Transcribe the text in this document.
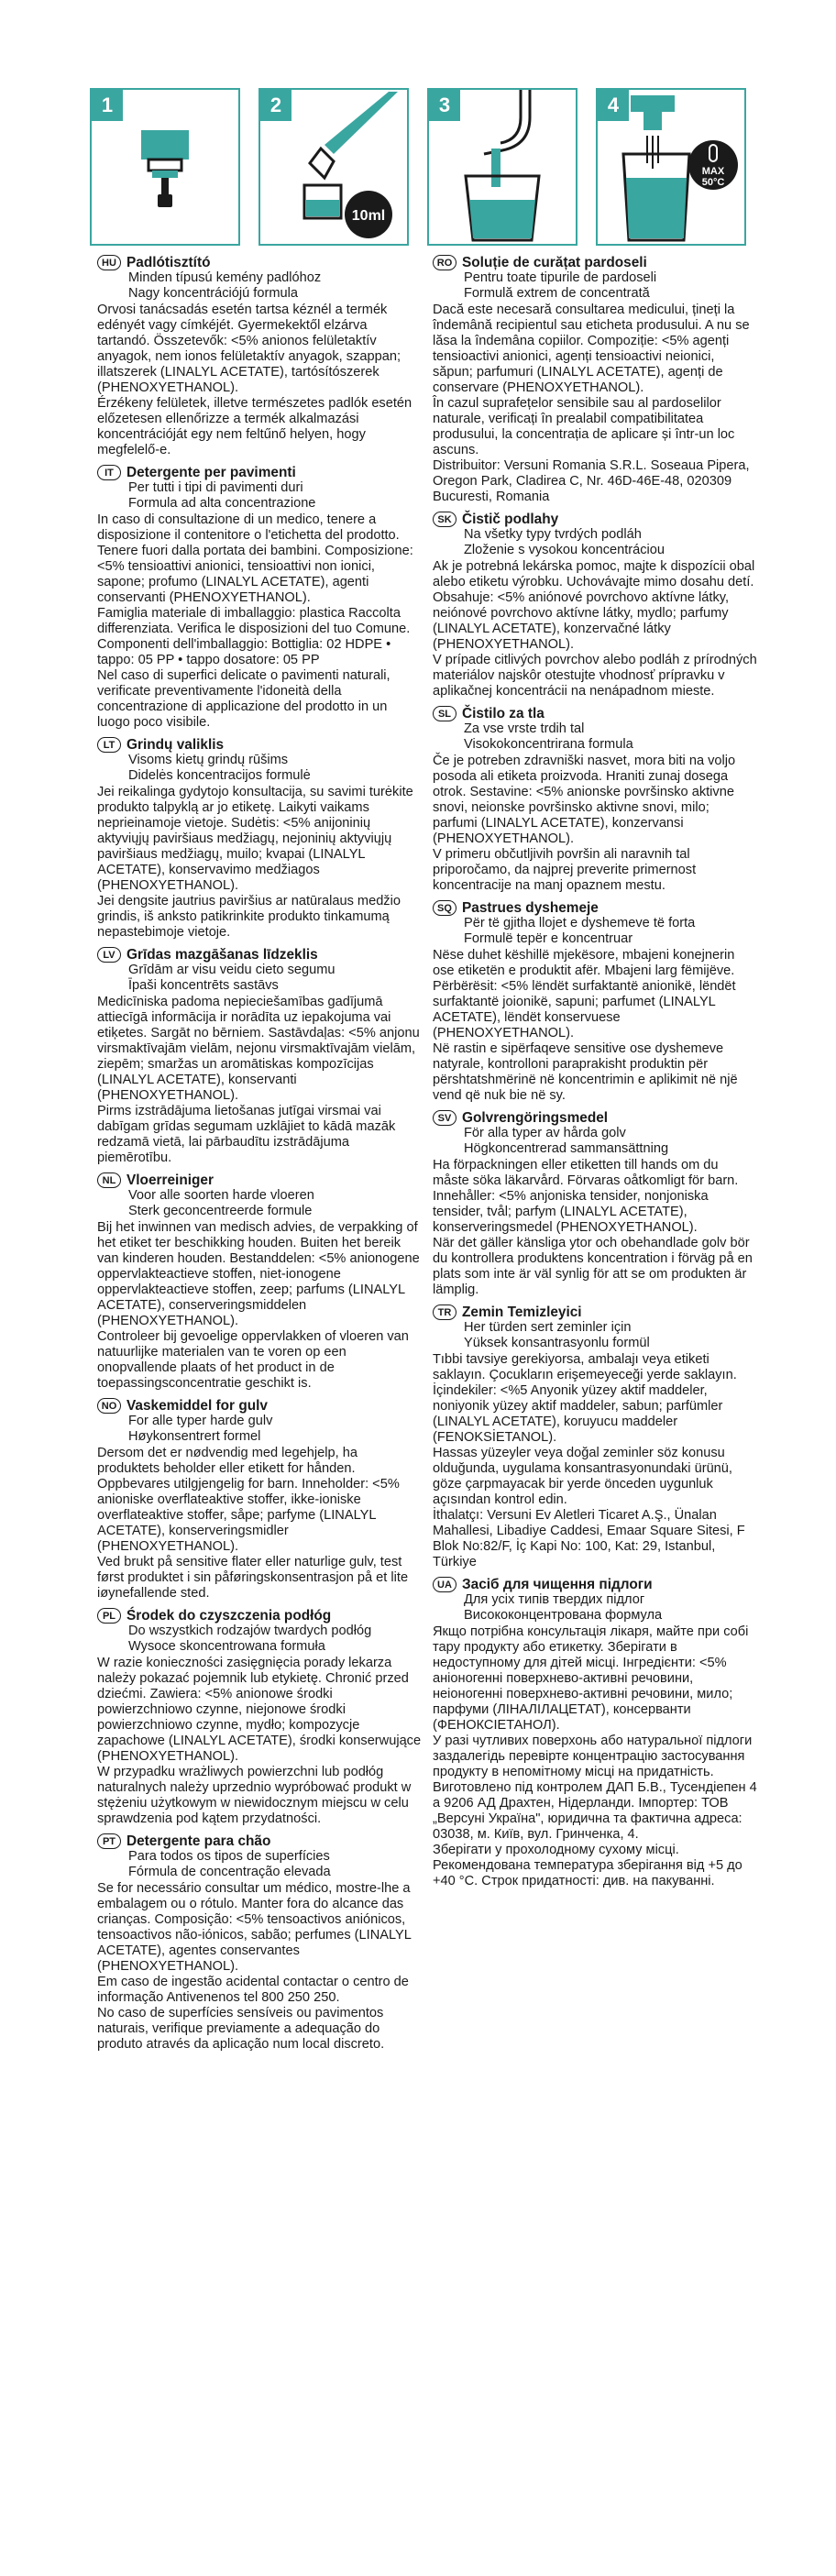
1	2
10ml
3	4
MAX
50°C
HU Padlótisztító
Minden típusú kemény padlóhoz
Nagy koncentrációjú formula
Orvosi tanácsadás esetén tartsa kéznél a termék edényét vagy címkéjét. Gyermekektől elzárva tartandó. Összetevők: <5% anionos felületaktív anyagok, nem ionos felületaktív anyagok, szappan; illatszerek (LINALYL ACETATE), tartósítószerek (PHENOXYETHANOL).
Érzékeny felületek, illetve természetes padlók esetén előzetesen ellenőrizze a termék alkalmazási koncentrációját egy nem feltűnő helyen, hogy megfelelő-e.
IT Detergente per pavimenti
Per tutti i tipi di pavimenti duri
Formula ad alta concentrazione
In caso di consultazione di un medico, tenere a disposizione il contenitore o l'etichetta del prodotto. Tenere fuori dalla portata dei bambini. Composizione: <5% tensioattivi anionici, tensioattivi non ionici, sapone; profumo (LINALYL ACETATE), agenti conservanti (PHENOXYETHANOL).
Famiglia materiale di imballaggio: plastica Raccolta differenziata. Verifica le disposizioni del tuo Comune.
Componenti dell'imballaggio: Bottiglia: 02 HDPE • tappo: 05 PP • tappo dosatore: 05 PP
Nel caso di superfici delicate o pavimenti naturali, verificate preventivamente l'idoneità della concentrazione di applicazione del prodotto in un luogo poco visibile.
LT Grindų valiklis
Visoms kietų grindų rūšims
Didelės koncentracijos formulė
Jei reikalinga gydytojo konsultacija, su savimi turėkite produkto talpyklą ar jo etiketę. Laikyti vaikams neprieinamoje vietoje. Sudėtis: <5% anijoninių aktyviųjų paviršiaus medžiagų, nejoninių aktyviųjų paviršiaus medžiagų, muilo; kvapai (LINALYL ACETATE), konservavimo medžiagos (PHENOXYETHANOL).
Jei dengsite jautrius paviršius ar natūralaus medžio grindis, iš anksto patikrinkite produkto tinkamumą nepastebimoje vietoje.
LV Grīdas mazgāšanas līdzeklis
Grīdām ar visu veidu cieto segumu
Īpaši koncentrēts sastāvs
Medicīniska padoma nepieciešamības gadījumā attiecīgā informācija ir norādīta uz iepakojuma vai etiķetes. Sargāt no bērniem. Sastāvdaļas: <5% anjonu virsmaktīvajām vielām, nejonu virsmaktīvajām vielām, ziepēm; smaržas un aromātiskas kompozīcijas (LINALYL ACETATE), konservanti (PHENOXYETHANOL).
Pirms izstrādājuma lietošanas jutīgai virsmai vai dabīgam grīdas segumam uzklājiet to kādā mazāk redzamā vietā, lai pārbaudītu izstrādājuma piemērotību.
NL Vloerreiniger
Voor alle soorten harde vloeren
Sterk geconcentreerde formule
Bij het inwinnen van medisch advies, de verpakking of het etiket ter beschikking houden. Buiten het bereik van kinderen houden. Bestanddelen: <5% anionogene oppervlakteactieve stoffen, niet-ionogene oppervlakteactieve stoffen, zeep; parfums (LINALYL ACETATE), conserveringsmiddelen (PHENOXYETHANOL).
Controleer bij gevoelige oppervlakken of vloeren van natuurlijke materialen van te voren op een onopvallende plaats of het product in de toepassingsconcentratie geschikt is.
NO Vaskemiddel for gulv
For alle typer harde gulv
Høykonsentrert formel
Dersom det er nødvendig med legehjelp, ha produktets beholder eller etikett for hånden. Oppbevares utilgjengelig for barn. Inneholder: <5% anioniske overflateaktive stoffer, ikke-ioniske overflateaktive stoffer, såpe; parfyme (LINALYL ACETATE), konserveringsmidler (PHENOXYETHANOL).
Ved brukt på sensitive flater eller naturlige gulv, test først produktet i sin påføringskonsentrasjon på et lite iøynefallende sted.
PL Środek do czyszczenia podłóg
Do wszystkich rodzajów twardych podłóg
Wysoce skoncentrowana formuła
W razie konieczności zasięgnięcia porady lekarza należy pokazać pojemnik lub etykietę. Chronić przed dziećmi. Zawiera: <5% anionowe środki powierzchniowo czynne, niejonowe środki powierzchniowo czynne, mydło; kompozycje zapachowe (LINALYL ACETATE), środki konserwujące (PHENOXYETHANOL).
W przypadku wrażliwych powierzchni lub podłóg naturalnych należy uprzednio wypróbować produkt w stężeniu użytkowym w niewidocznym miejscu w celu sprawdzenia pod kątem przydatności.
PT Detergente para chão
Para todos os tipos de superfícies
Fórmula de concentração elevada
Se for necessário consultar um médico, mostre-lhe a embalagem ou o rótulo. Manter fora do alcance das crianças. Composição: <5% tensoactivos aniónicos, tensoactivos não-iónicos, sabão; perfumes (LINALYL ACETATE), agentes conservantes (PHENOXYETHANOL).
Em caso de ingestão acidental contactar o centro de informação Antivenenos tel 800 250 250.
No caso de superfícies sensíveis ou pavimentos naturais, verifique previamente a adequação do produto através da aplicação num local discreto.
RO Soluție de curățat pardoseli
Pentru toate tipurile de pardoseli
Formulă extrem de concentrată
Dacă este necesară consultarea medicului, țineți la îndemână recipientul sau eticheta produsului. A nu se lăsa la îndemâna copiilor. Compoziție: <5% agenți tensioactivi anionici, agenți tensioactivi neionici, săpun; parfumuri (LINALYL ACETATE), agenți de conservare (PHENOXYETHANOL).
În cazul suprafețelor sensibile sau al pardoselilor naturale, verificați în prealabil compatibilitatea produsului, la concentrația de aplicare și într-un loc ascuns.
Distribuitor: Versuni Romania S.R.L. Soseaua Pipera, Oregon Park, Cladirea C, Nr. 46D-46E-48, 020309 Bucuresti, Romania
SK Čistič podlahy
Na všetky typy tvrdých podláh
Zloženie s vysokou koncentráciou
Ak je potrebná lekárska pomoc, majte k dispozícii obal alebo etiketu výrobku. Uchovávajte mimo dosahu detí. Obsahuje: <5% aniónové povrchovo aktívne látky, neiónové povrchovo aktívne látky, mydlo; parfumy (LINALYL ACETATE), konzervačné látky (PHENOXYETHANOL).
V prípade citlivých povrchov alebo podláh z prírodných materiálov najskôr otestujte vhodnosť prípravku v aplikačnej koncentrácii na nenápadnom mieste.
SL Čistilo za tla
Za vse vrste trdih tal
Visokokoncentrirana formula
Če je potreben zdravniški nasvet, mora biti na voljo posoda ali etiketa proizvoda. Hraniti zunaj dosega otrok. Sestavine: <5% anionske površinsko aktivne snovi, neionske površinsko aktivne snovi, milo; parfumi (LINALYL ACETATE), konzervansi (PHENOXYETHANOL).
V primeru občutljivih površin ali naravnih tal priporočamo, da najprej preverite primernost koncentracije na manj opaznem mestu.
SQ Pastrues dyshemeje
Për të gjitha llojet e dyshemeve të forta
Formulë tepër e koncentruar
Nëse duhet këshillë mjekësore, mbajeni konejnerin ose etiketën e produktit afër. Mbajeni larg fëmijëve. Përbërësit: <5% lëndët surfaktantë anionikë, lëndët surfaktantë joionikë, sapuni; parfumet (LINALYL ACETATE), lëndët konservuese (PHENOXYETHANOL).
Në rastin e sipërfaqeve sensitive ose dyshemeve natyrale, kontrolloni paraprakisht produktin për përshtatshmërinë në koncentrimin e aplikimit në një vend që nuk bie në sy.
SV Golvrengöringsmedel
För alla typer av hårda golv
Högkoncentrerad sammansättning
Ha förpackningen eller etiketten till hands om du måste söka läkarvård. Förvaras oåtkomligt för barn. Innehåller: <5% anjoniska tensider, nonjoniska tensider, tvål; parfym (LINALYL ACETATE), konserveringsmedel (PHENOXYETHANOL).
När det gäller känsliga ytor och obehandlade golv bör du kontrollera produktens koncentration i förväg på en plats som inte är väl synlig för att se om produkten är lämplig.
TR Zemin Temizleyici
Her türden sert zeminler için
Yüksek konsantrasyonlu formül
Tıbbi tavsiye gerekiyorsa, ambalajı veya etiketi saklayın. Çocukların erişemeyeceği yerde saklayın.
İçindekiler: <%5 Anyonik yüzey aktif maddeler, noniyonik yüzey aktif maddeler, sabun; parfümler (LINALYL ACETATE), koruyucu maddeler (FENOKSİETANOL).
Hassas yüzeyler veya doğal zeminler söz konusu olduğunda, uygulama konsantrasyonundaki ürünü, göze çarpmayacak bir yerde önceden uygunluk açısından kontrol edin.
İthalatçı: Versuni Ev Aletleri Ticaret A.Ş., Ünalan Mahallesi, Libadiye Caddesi, Emaar Square Sitesi, F Blok No:82/F, İç Kapi No: 100, Kat: 29, Istanbul, Türkiye
UA Засіб для чищення підлоги
Для усіх типів твердих підлог
Висококонцентрована формула
Якщо потрібна консультація лікаря, майте при собі тару продукту або етикетку. Зберігати в недоступному для дітей місці. Інгредієнти: <5% аніоногенні поверхнево-активні речовини, неіоногенні поверхнево-активні речовини, мило; парфуми (ЛІНАЛІЛАЦЕТАТ), консерванти (ФЕНОКСІЕТАНОЛ).
У разі чутливих поверхонь або натуральної підлоги заздалегідь перевірте концентрацію застосування продукту в непомітному місці на придатність.
Виготовлено під контролем ДАП Б.В., Тусендіепен 4 а 9206 АД Драхтен, Нідерланди. Імпортер: ТОВ „Версуні Україна", юридична та фактична адреса: 03038, м. Київ, вул. Гринченка, 4.
Зберігати у прохолодному сухому місці. Рекомендована температура зберігання від +5 до +40 °C. Строк придатності: див. на пакуванні.
